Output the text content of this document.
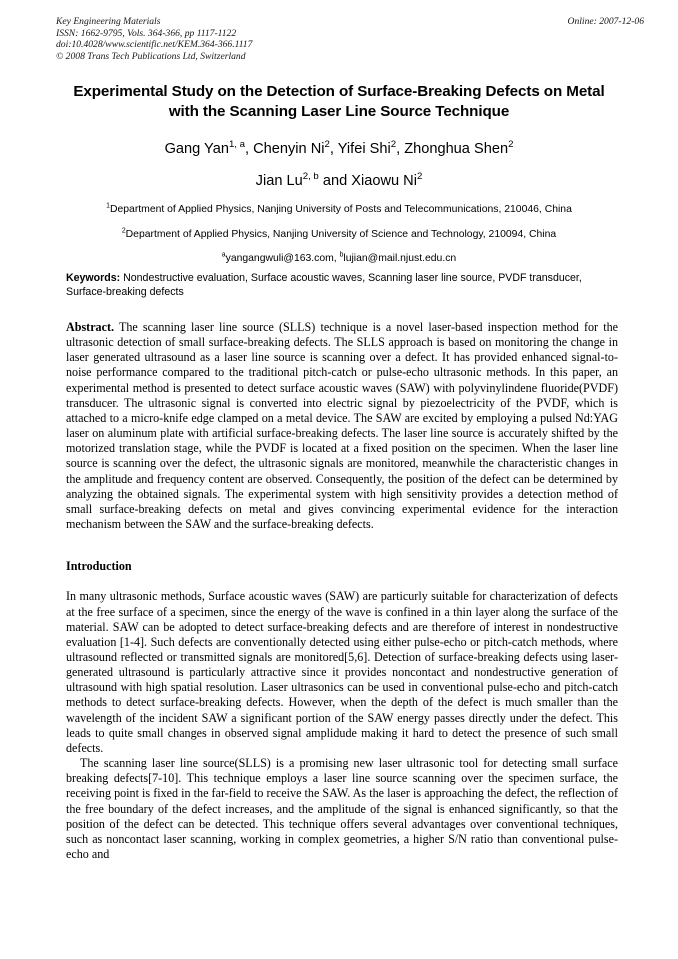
Key Engineering Materials
ISSN: 1662-9795, Vols. 364-366, pp 1117-1122
doi:10.4028/www.scientific.net/KEM.364-366.1117
© 2008 Trans Tech Publications Ltd, Switzerland
Online: 2007-12-06
Experimental Study on the Detection of Surface-Breaking Defects on Metal with the Scanning Laser Line Source Technique
Gang Yan$^{1, a}$, Chenyin Ni$^2$, Yifei Shi$^2$, Zhonghua Shen$^2$
Jian Lu$^{2, b}$ and Xiaowu Ni$^2$

$^1$Department of Applied Physics, Nanjing University of Posts and Telecommunications, 210046, China

$^2$Department of Applied Physics, Nanjing University of Science and Technology, 210094, China

$^a$yangangwuli@163.com, $^b$lujian@mail.njust.edu.cn

Keywords: Nondestructive evaluation, Surface acoustic waves, Scanning laser line source, PVDF transducer, Surface-breaking defects

Abstract. The scanning laser line source (SLLS) technique is a novel laser-based inspection method for the ultrasonic detection of small surface-breaking defects. The SLLS approach is based on monitoring the change in laser generated ultrasound as a laser line source is scanning over a defect. It has provided enhanced signal-to-noise performance compared to the traditional pitch-catch or pulse-echo ultrasonic methods. In this paper, an experimental method is presented to detect surface acoustic waves (SAW) with polyvinylindene fluoride(PVDF) transducer. The ultrasonic signal is converted into electric signal by piezoelectricity of the PVDF, which is attached to a micro-knife edge clamped on a metal device. The SAW are excited by employing a pulsed Nd:YAG laser on aluminum plate with artificial surface-breaking defects. The laser line source is accurately shifted by the motorized translation stage, while the PVDF is located at a fixed position on the specimen. When the laser line source is scanning over the defect, the ultrasonic signals are monitored, meanwhile the characteristic changes in the amplitude and frequency content are observed. Consequently, the position of the defect can be determined by analyzing the obtained signals. The experimental system with high sensitivity provides a detection method of small surface-breaking defects on metal and gives convincing experimental evidence for the interaction mechanism between the SAW and the surface-breaking defects.

Introduction

In many ultrasonic methods, Surface acoustic waves (SAW) are particurly suitable for characterization of defects at the free surface of a specimen, since the energy of the wave is confined in a thin layer along the surface of the material. SAW can be adopted to detect surface-breaking defects and are therefore of interest in nondestructive evaluation [1-4]. Such defects are conventionally detected using either pulse-echo or pitch-catch methods, where ultrasound reflected or transmitted signals are monitored[5,6]. Detection of surface-breaking defects using laser-generated ultrasound is particularly attractive since it provides noncontact and nondestructive generation of ultrasound with high spatial resolution. Laser ultrasonics can be used in conventional pulse-echo and pitch-catch methods to detect surface-breaking defects. However, when the depth of the defect is much smaller than the wavelength of the incident SAW a significant portion of the SAW energy passes directly under the defect. This leads to quite small changes in observed signal amplidude making it hard to detect the presence of such small defects.

The scanning laser line source(SLLS) is a promising new laser ultrasonic tool for detecting small surface breaking defects[7-10]. This technique employs a laser line source scanning over the specimen surface, the receiving point is fixed in the far-field to receive the SAW. As the laser is approaching the defect, the reflection of the free boundary of the defect increases, and the amplitude of the signal is enhanced significantly, so that the position of the defect can be detected. This technique offers several advantages over conventional techniques, such as noncontact laser scanning, working in complex geometries, a higher S/N ratio than conventional pulse-echo and
